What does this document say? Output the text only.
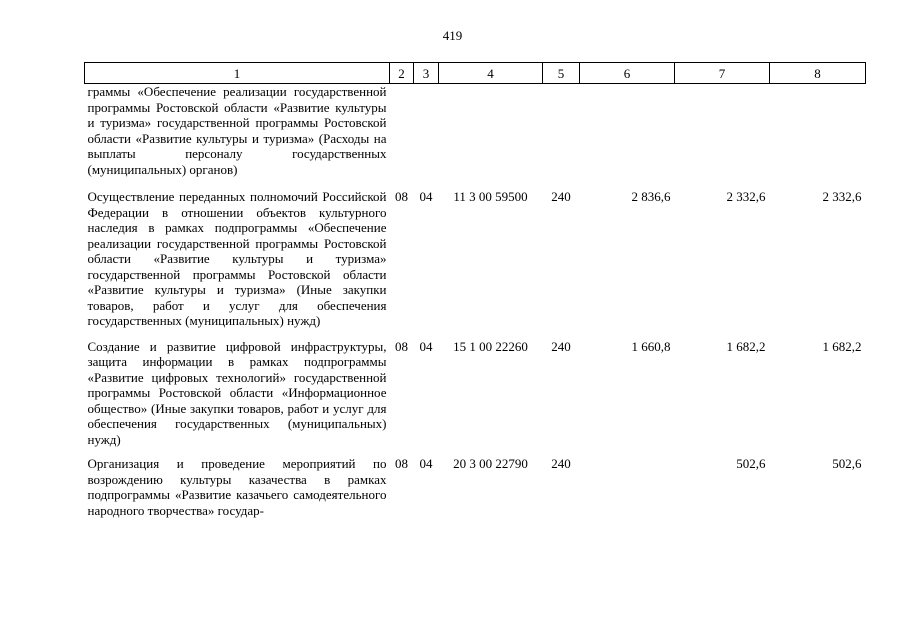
419
1	2	3	4	5	6	7	8
граммы «Обеспечение реализации государственной программы Ростовской области «Развитие культуры и туризма» государственной программы Ростовской области «Развитие культуры и туризма» (Расходы на выплаты персоналу государственных (муниципальных) органов)							
Осуществление переданных полномочий Российской Федерации в отношении объектов культурного наследия в рамках подпрограммы «Обеспечение реализации государственной программы Ростовской области «Развитие культуры и туризма» государственной программы Ростовской области «Развитие культуры и туризма» (Иные закупки товаров, работ и услуг для обеспечения государственных (муниципальных) нужд)	08	04	11 3 00 59500	240	2 836,6	2 332,6	2 332,6
Создание и развитие цифровой инфраструктуры, защита информации в рамках подпрограммы «Развитие цифровых технологий» государственной программы Ростовской области «Информационное общество» (Иные закупки товаров, работ и услуг для обеспечения государственных (муниципальных) нужд)	08	04	15 1 00 22260	240	1 660,8	1 682,2	1 682,2
Организация и проведение мероприятий по возрождению культуры казачества в рамках подпрограммы «Развитие казачьего самодеятельного народного творчества» государ-	08	04	20 3 00 22790	240		502,6	502,6
